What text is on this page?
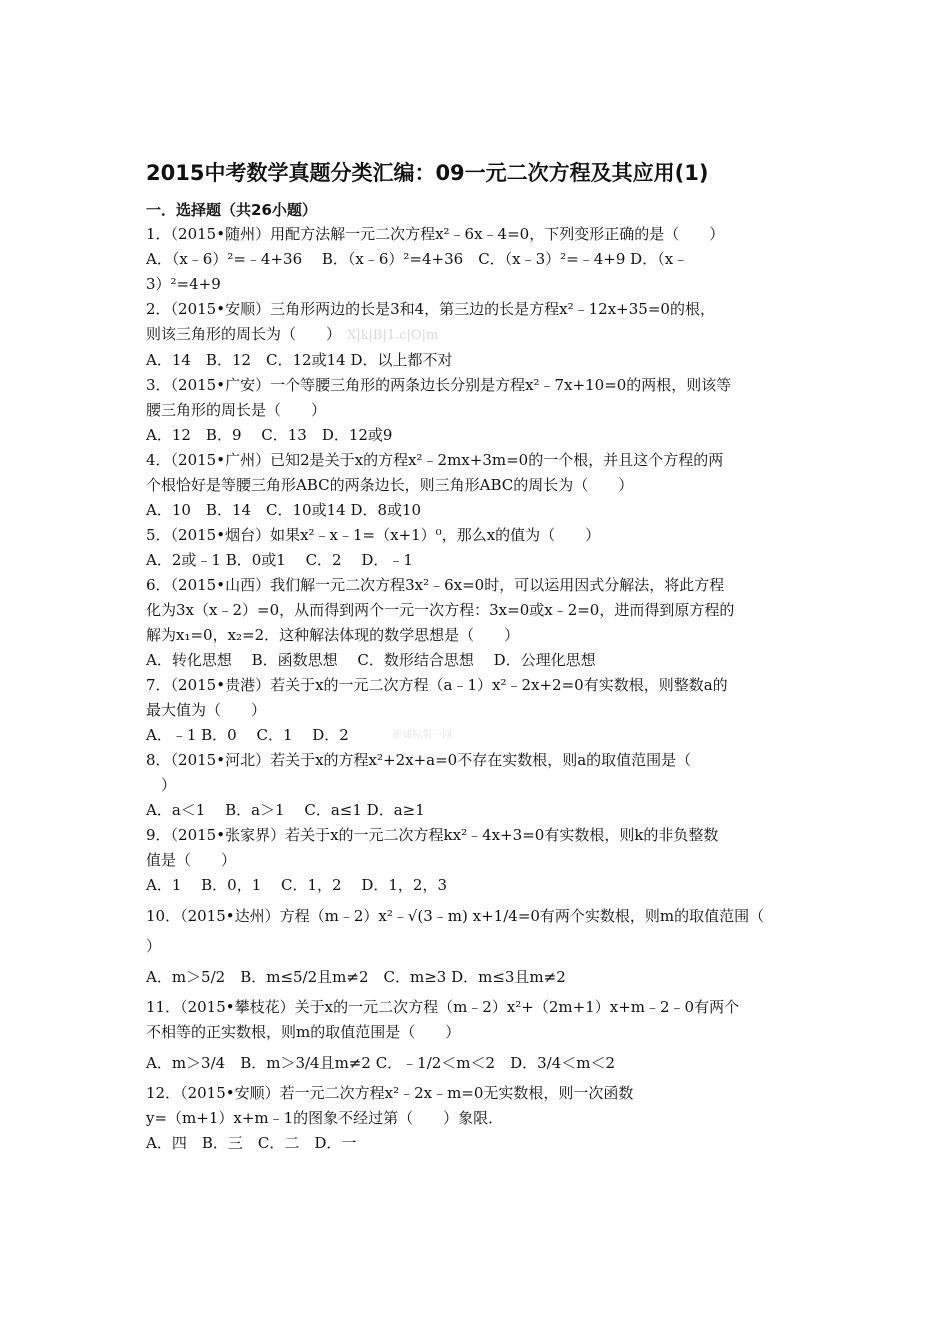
2015中考数学真题分类汇编：09一元二次方程及其应用(1)

一．选择题（共26小题）

1．（2015•随州）用配方法解一元二次方程x²﹣6x﹣4=0，下列变形正确的是（　　）

A．（x﹣6）²=﹣4+36　 B．（x﹣6）²=4+36　C．（x﹣3）²=﹣4+9 D．（x﹣

3）²=4+9

2．（2015•安顺）三角形两边的长是3和4，第三边的长是方程x²﹣12x+35=0的根，

则该三角形的周长为（　　） X|k|B|1.c|O|m

A．14　B．12　C．12或14 D．以上都不对

3．（2015•广安）一个等腰三角形的两条边长分别是方程x²﹣7x+10=0的两根，则该等

腰三角形的周长是（　　）

A．12　B．9　 C．13　D．12或9

4．（2015•广州）已知2是关于x的方程x²﹣2mx+3m=0的一个根，并且这个方程的两

个根恰好是等腰三角形ABC的两条边长，则三角形ABC的周长为（　　）

A．10　B．14　C．10或14 D．8或10

5．（2015•烟台）如果x²﹣x﹣1=（x+1）⁰，那么x的值为（　　）

A．2或﹣1 B．0或1　 C．2　 D．﹣1

6．（2015•山西）我们解一元二次方程3x²﹣6x=0时，可以运用因式分解法，将此方程

化为3x（x﹣2）=0，从而得到两个一元一次方程：3x=0或x﹣2=0，进而得到原方程的

解为x₁=0，x₂=2．这种解法体现的数学思想是（　　）

A．转化思想　 B．函数思想　 C．数形结合思想　 D．公理化思想

7．（2015•贵港）若关于x的一元二次方程（a﹣1）x²﹣2x+2=0有实数根，则整数a的

最大值为（　　）

A．﹣1 B．0　 C．1　 D．2

8．（2015•河北）若关于x的方程x²+2x+a=0不存在实数根，则a的取值范围是（

　）

A．a＜1　 B．a＞1　 C．a≤1 D．a≥1

9．（2015•张家界）若关于x的一元二次方程kx²﹣4x+3=0有实数根，则k的非负整数

值是（　　）

A．1　 B．0，1　 C．1，2　 D．1，2，3

10．（2015•达州）方程（m﹣2）x²﹣√(3﹣m) x+1/4=0有两个实数根，则m的取值范围（

）

A．m＞5/2　B．m≤5/2且m≠2　C．m≥3 D．m≤3且m≠2

11．（2015•攀枝花）关于x的一元二次方程（m﹣2）x²+（2m+1）x+m﹣2﹣0有两个

不相等的正实数根，则m的取值范围是（　　）

A．m＞3/4　B．m＞3/4且m≠2 C．﹣1/2＜m＜2　D．3/4＜m＜2

12．（2015•安顺）若一元二次方程x²﹣2x﹣m=0无实数根，则一次函数

y=（m+1）x+m﹣1的图象不经过第（　　）象限．

A．四　B．三　C．二　D．一

新课标第一网
